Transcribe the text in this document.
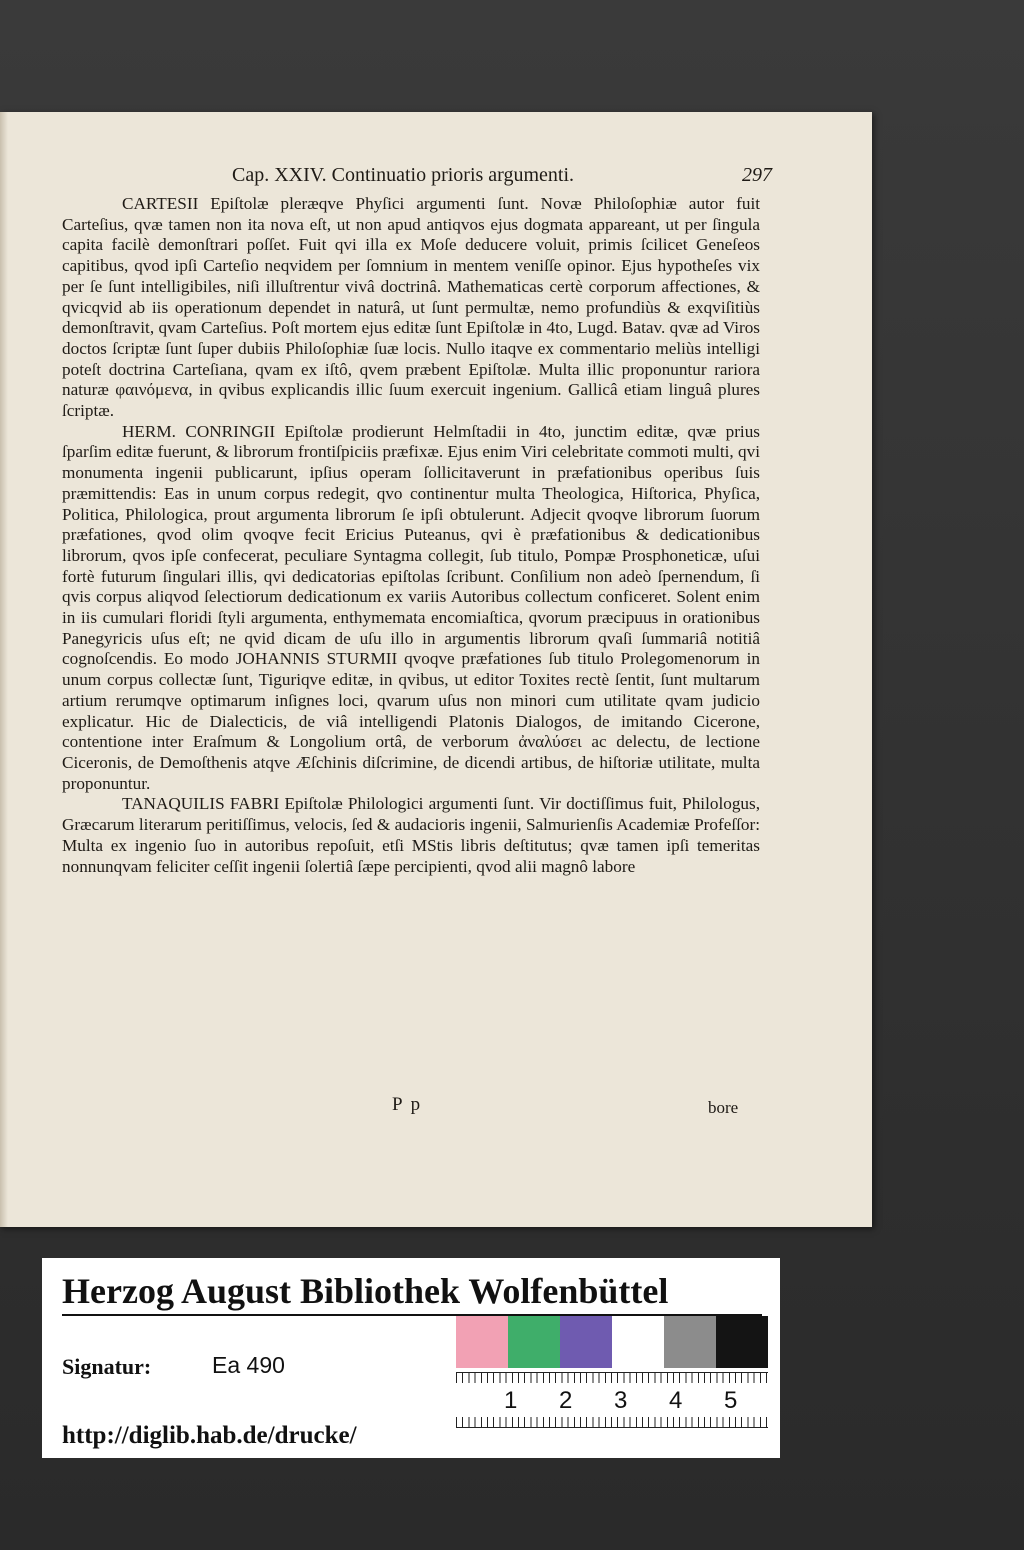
Cap. XXIV. Continuatio prioris argumenti.	297

CARTESII Epiſtolæ pleræqve Phyſici argumenti ſunt. Novæ Philoſophiæ autor fuit Carteſius, qvæ tamen non ita nova eſt, ut non apud antiqvos ejus dogmata appareant, ut per ſingula capita facilè demonſtrari poſſet. Fuit qvi illa ex Moſe deducere voluit, primis ſcilicet Geneſeos capitibus, qvod ipſi Carteſio neqvidem per ſomnium in mentem veniſſe opinor. Ejus hypotheſes vix per ſe ſunt intelligibiles, niſi illuſtrentur vivâ doctrinâ. Mathematicas certè corporum affectiones, & qvicqvid ab iis operationum dependet in naturâ, ut ſunt permultæ, nemo profundiùs & exqviſitiùs demonſtravit, qvam Carteſius. Poſt mortem ejus editæ ſunt Epiſtolæ in 4to, Lugd. Batav. qvæ ad Viros doctos ſcriptæ ſunt ſuper dubiis Philoſophiæ ſuæ locis. Nullo itaqve ex commentario meliùs intelligi poteſt doctrina Carteſiana, qvam ex iſtô, qvem præbent Epiſtolæ. Multa illic proponuntur rariora naturæ φαινόμενα, in qvibus explicandis illic ſuum exercuit ingenium. Gallicâ etiam linguâ plures ſcriptæ.

HERM. CONRINGII Epiſtolæ prodierunt Helmſtadii in 4to, junctim editæ, qvæ prius ſparſim editæ fuerunt, & librorum frontiſpiciis præfixæ. Ejus enim Viri celebritate commoti multi, qvi monumenta ingenii publicarunt, ipſius operam ſollicitaverunt in præfationibus operibus ſuis præmittendis: Eas in unum corpus redegit, qvo continentur multa Theologica, Hiſtorica, Phyſica, Politica, Philologica, prout argumenta librorum ſe ipſi obtulerunt. Adjecit qvoqve librorum ſuorum præfationes, qvod olim qvoqve fecit Ericius Puteanus, qvi è præfationibus & dedicationibus librorum, qvos ipſe confecerat, peculiare Syntagma collegit, ſub titulo, Pompæ Prosphoneticæ, uſui fortè futurum ſingulari illis, qvi dedicatorias epiſtolas ſcribunt. Conſilium non adeò ſpernendum, ſi qvis corpus aliqvod ſelectiorum dedicationum ex variis Autoribus collectum conficeret. Solent enim in iis cumulari floridi ſtyli argumenta, enthymemata encomiaſtica, qvorum præcipuus in orationibus Panegyricis uſus eſt; ne qvid dicam de uſu illo in argumentis librorum qvaſi ſummariâ notitiâ cognoſcendis. Eo modo JOHANNIS STURMII qvoqve præfationes ſub titulo Prolegomenorum in unum corpus collectæ ſunt, Tiguriqve editæ, in qvibus, ut editor Toxites rectè ſentit, ſunt multarum artium rerumqve optimarum inſignes loci, qvarum uſus non minori cum utilitate qvam judicio explicatur. Hic de Dialecticis, de viâ intelligendi Platonis Dialogos, de imitando Cicerone, contentione inter Eraſmum & Longolium ortâ, de verborum ἀναλύσει ac delectu, de lectione Ciceronis, de Demoſthenis atqve Æſchinis diſcrimine, de dicendi artibus, de hiſtoriæ utilitate, multa proponuntur.

TANAQUILIS FABRI Epiſtolæ Philologici argumenti ſunt. Vir doctiſſimus fuit, Philologus, Græcarum literarum peritiſſimus, velocis, ſed & audacioris ingenii, Salmurienſis Academiæ Profeſſor: Multa ex ingenio ſuo in autoribus repoſuit, etſi MStis libris deſtitutus; qvæ tamen ipſi temeritas nonnunqvam feliciter ceſſit ingenii ſolertiâ ſæpe percipienti, qvod alii magnô labore

P p	bore
Herzog August Bibliothek Wolfenbüttel
Signatur:	Ea 490
1 2 3 4 5
http://diglib.hab.de/drucke/
